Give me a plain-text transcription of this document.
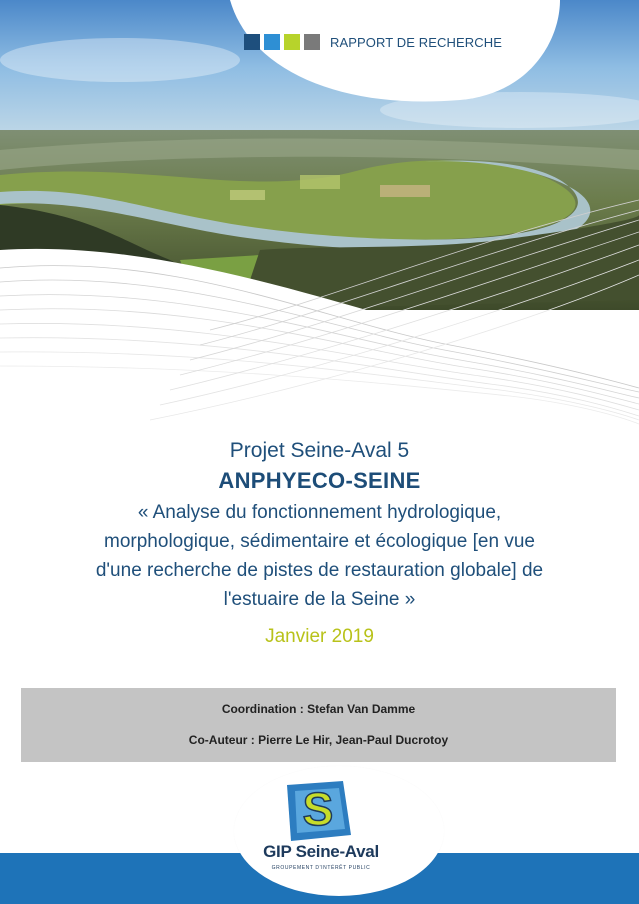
RAPPORT DE RECHERCHE
Projet Seine-Aval 5
ANPHYECO-SEINE
« Analyse du fonctionnement hydrologique, morphologique, sédimentaire et écologique [en vue d'une recherche de pistes de restauration globale] de l'estuaire de la Seine »
Janvier 2019
Coordination : Stefan Van Damme
Co-Auteur : Pierre Le Hir, Jean-Paul Ducrotoy
S
GIP Seine-Aval
GROUPEMENT D'INTÉRÊT PUBLIC
